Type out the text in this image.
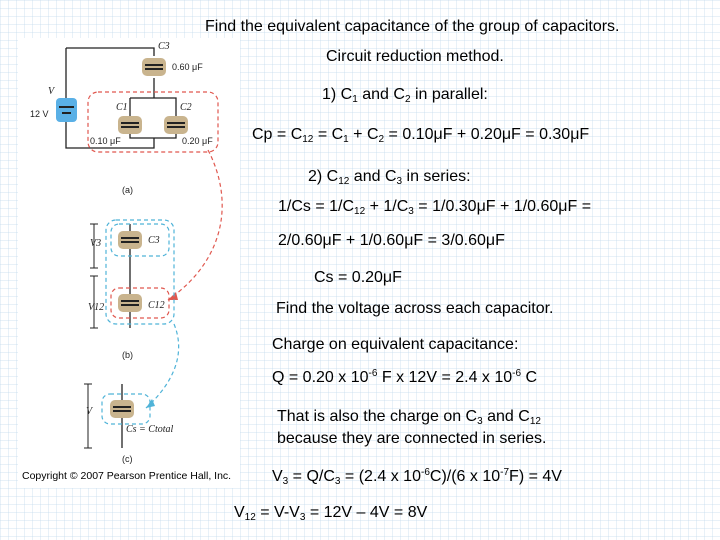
C3
0.60 μF
V
12 V
C1	C2
0.10 μF	0.20 μF
(a)
V3	C3
V12	C12
(b)
V
Cs = Ctotal
(c)
Copyright © 2007 Pearson Prentice Hall, Inc.
Find the equivalent capacitance of the group of capacitors.
Circuit reduction method.
1) $C_1$ and $C_2$ in parallel:
$Cp = C_{12} = C_1 + C_2 = 0.10\mu F + 0.20\mu F = 0.30\mu F$
2) $C_{12}$ and $C_3$ in series:
$1/Cs = 1/C_{12} + 1/C_3 = 1/0.30\mu F + 1/0.60\mu F$ =
2/0.60μF + 1/0.60μF = 3/0.60μF
Cs = 0.20μF
Find the voltage across each capacitor.
Charge on equivalent capacitance:
Q = 0.20 x $10^{-6}$ F x 12V = 2.4 x $10^{-6}$ C
That is also the charge on $C_3$ and $C_{12}$
because they are connected in series.
$V_3 = Q/C_3 = (2.4$ x $10^{-6}C)/(6$ x $10^{-7}F) = 4V$
$V_{12} = V-V_3 = 12V - 4V = 8V$
